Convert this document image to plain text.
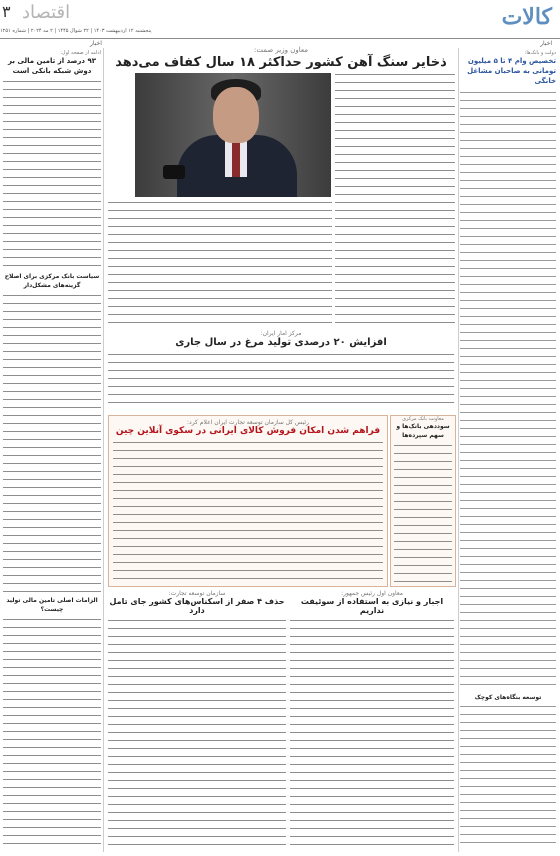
کالات
۳ اقتصاد
پنجشنبه ۱۲ اردیبهشت ۱۴۰۳ | ۲۲ شوال ۱۴۴۵ | ۲ مه ۲۰۲۴ | شماره ۱۲۵۱
اخبار
اخبار
دولت و بانک‌ها:
تخصیص وام ۴ تا ۵ میلیون تومانی به صاحبان مشاغل خانگی
توسعه بنگاه‌های کوچک
معاون وزیر صمت:
ذخایر سنگ آهن کشور حداکثر ۱۸ سال کفاف می‌دهد
مرکز آمار ایران:
افزایش ۲۰ درصدی تولید مرغ در سال جاری
معاونت بانک مرکزی
سوددهی بانک‌ها و سهم سپرده‌ها
رئیس کل سازمان توسعه تجارت ایران اعلام کرد:
فراهم شدن امکان فروش کالای ایرانی در سکوی آنلاین چین
معاون اول رئیس جمهور:
اجبار و نیازی به استفاده از سوئیفت نداریم
سازمان توسعه تجارت:
حذف ۴ صفر از اسکناس‌های کشور جای تامل دارد
ادامه از صفحه اول:
۹۳ درصد از تامین مالی بر دوش شبکه بانکی است
سیاست بانک مرکزی برای اصلاح گزینه‌های مشکل‌دار
الزامات اصلی تامین مالی تولید چیست؟
